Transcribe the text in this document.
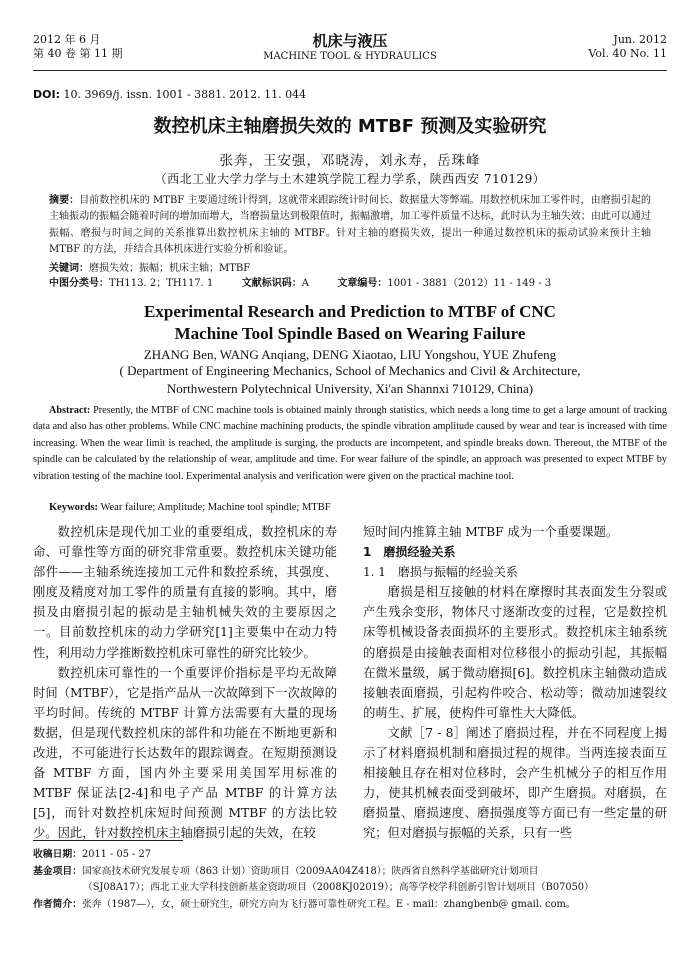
2012 年 6 月
第 40 卷 第 11 期
机床与液压
MACHINE TOOL & HYDRAULICS
Jun. 2012
Vol. 40 No. 11
DOI: 10. 3969/j. issn. 1001 - 3881. 2012. 11. 044
数控机床主轴磨损失效的 MTBF 预测及实验研究
张奔，王安强，邓晓涛，刘永寿，岳珠峰
（西北工业大学力学与土木建筑学院工程力学系，陕西西安 710129）
摘要：目前数控机床的 MTBF 主要通过统计得到，这就带来跟踪统计时间长、数据量大等弊端。用数控机床加工零件时，由磨损引起的主轴振动的振幅会随着时间的增加而增大，当磨损量达到极限值时，振幅激增，加工零件质量不达标，此时认为主轴失效；由此可以通过振幅、磨损与时间之间的关系推算出数控机床主轴的 MTBF。针对主轴的磨损失效，提出一种通过数控机床的振动试验来预计主轴 MTBF 的方法，并结合具体机床进行实验分析和验证。
关键词：磨损失效；振幅；机床主轴；MTBF
中图分类号：TH113. 2；TH117. 1	文献标识码：A	文章编号：1001 - 3881（2012）11 - 149 - 3
Experimental Research and Prediction to MTBF of CNC
Machine Tool Spindle Based on Wearing Failure
ZHANG Ben, WANG Anqiang, DENG Xiaotao, LIU Yongshou, YUE Zhufeng
( Department of Engineering Mechanics, School of Mechanics and Civil & Architecture,
Northwestern Polytechnical University, Xi'an Shannxi 710129, China)
Abstract: Presently, the MTBF of CNC machine tools is obtained mainly through statistics, which needs a long time to get a large amount of tracking data and also has other problems. While CNC machine machining products, the spindle vibration amplitude caused by wear and tear is increased with time increasing. When the wear limit is reached, the amplitude is surging, the products are incompetent, and spindle breaks down. Thereout, the MTBF of the spindle can be calculated by the relationship of wear, amplitude and time. For wear failure of the spindle, an approach was presented to expect MTBF by vibration testing of the machine tool. Experimental analysis and verification were given on the practical machine tool.
Keywords: Wear failure; Amplitude; Machine tool spindle; MTBF

数控机床是现代加工业的重要组成，数控机床的寿命、可靠性等方面的研究非常重要。数控机床关键功能部件——主轴系统连接加工元件和数控系统，其强度、刚度及精度对加工零件的质量有直接的影响。其中，磨损及由磨损引起的振动是主轴机械失效的主要原因之一。目前数控机床的动力学研究[1]主要集中在动力特性，利用动力学推断数控机床可靠性的研究比较少。

数控机床可靠性的一个重要评价指标是平均无故障时间（MTBF），它是指产品从一次故障到下一次故障的平均时间。传统的 MTBF 计算方法需要有大量的现场数据，但是现代数控机床的部件和功能在不断地更新和改进，不可能进行长达数年的跟踪调查。在短期预测设备 MTBF 方面，国内外主要采用美国军用标准的 MTBF 保证法[2-4]和电子产品 MTBF 的计算方法[5]，而针对数控机床短时间预测 MTBF 的方法比较少。因此，针对数控机床主轴磨损引起的失效，在较

短时间内推算主轴 MTBF 成为一个重要课题。

1　磨损经验关系
1. 1　磨损与振幅的经验关系

磨损是相互接触的材料在摩擦时其表面发生分裂或产生残余变形，物体尺寸逐渐改变的过程，它是数控机床等机械设备表面损坏的主要形式。数控机床主轴系统的磨损是由接触表面相对位移很小的振动引起，其振幅在微米量级，属于微动磨损[6]。数控机床主轴微动造成接触表面磨损，引起构件咬合、松动等；微动加速裂纹的萌生、扩展，使构件可靠性大大降低。

文献［7 - 8］阐述了磨损过程，并在不同程度上揭示了材料磨损机制和磨损过程的规律。当两连接表面互相接触且存在相对位移时，会产生机械分子的相互作用力，使其机械表面受到破坏，即产生磨损。对磨损，在磨损量、磨损速度、磨损强度等方面已有一些定量的研究；但对磨损与振幅的关系，只有一些

收稿日期：2011 - 05 - 27
基金项目：国家高技术研究发展专项（863 计划）资助项目（2009AA04Z418）；陕西省自然科学基础研究计划项目
（SJ08A17）；西北工业大学科技创新基金资助项目（2008KJ02019）；高等学校学科创新引智计划项目（B07050）
作者简介：张奔（1987—），女，硕士研究生，研究方向为飞行器可靠性研究工程。E - mail：zhangbenb@ gmail. com。
